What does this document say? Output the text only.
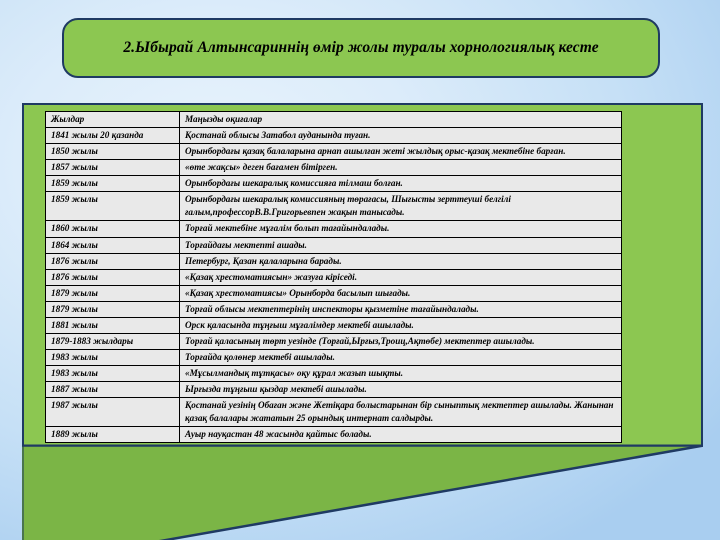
2.Ыбырай Алтынсариннің өмір жолы туралы хорнологиялық кесте
Жылдар	Маңызды оқиғалар
1841 жылы 20 қазанда	Қостанай облысы Затабол ауданында туған.
1850 жылы	Орынбордағы қазақ балаларына арнап ашылған жеті жылдық орыс-қазақ мектебіне барған.
1857 жылы	«өте жақсы» деген бағамен бітірген.
1859 жылы	Орынбордағы шекаралық комиссияға тілмаш болған.
1859 жылы	Орынбордағы шекаралық комиссияның төрағасы, Шығысты зерттеуші белгілі ғалым,профессорВ.В.Григорьевпен жақын танысады.
1860 жылы	Торғай мектебіне мұғалім болып тағайындалады.
1864 жылы	Торғайдағы мектепті ашады.
1876 жылы	Петербург, Қазан қалаларына барады.
1876 жылы	«Қазақ хрестоматиясын» жазуға кіріседі.
1879 жылы	«Қазақ хрестоматиясы» Орынборда басылып шығады.
1879 жылы	Торғай облысы мектептерінің инспекторы қызметіне тағайындалады.
1881 жылы	Орск қаласында тұңғыш мұғалімдер мектебі ашылады.
1879-1883 жылдары	Торғай қаласының төрт уезінде (Торғай,Ырғыз,Троиц,Ақтөбе) мектептер ашылады.
1983 жылы	Торғайда қолөнер мектебі ашылады.
1983 жылы	«Мұсылмандық тұтқасы» оқу құрал жазып шықты.
1887 жылы	Ырғызда тұңғыш қыздар мектебі ашылады.
1987 жылы	Қостанай уезінің Обаған және Жетіқара болыстарынан бір сыныптық мектептер ашылады. Жанынан қазақ балалары жататын 25 орындық интернат салдырды.
1889 жылы	Ауыр науқастан 48 жасында қайтыс болады.
